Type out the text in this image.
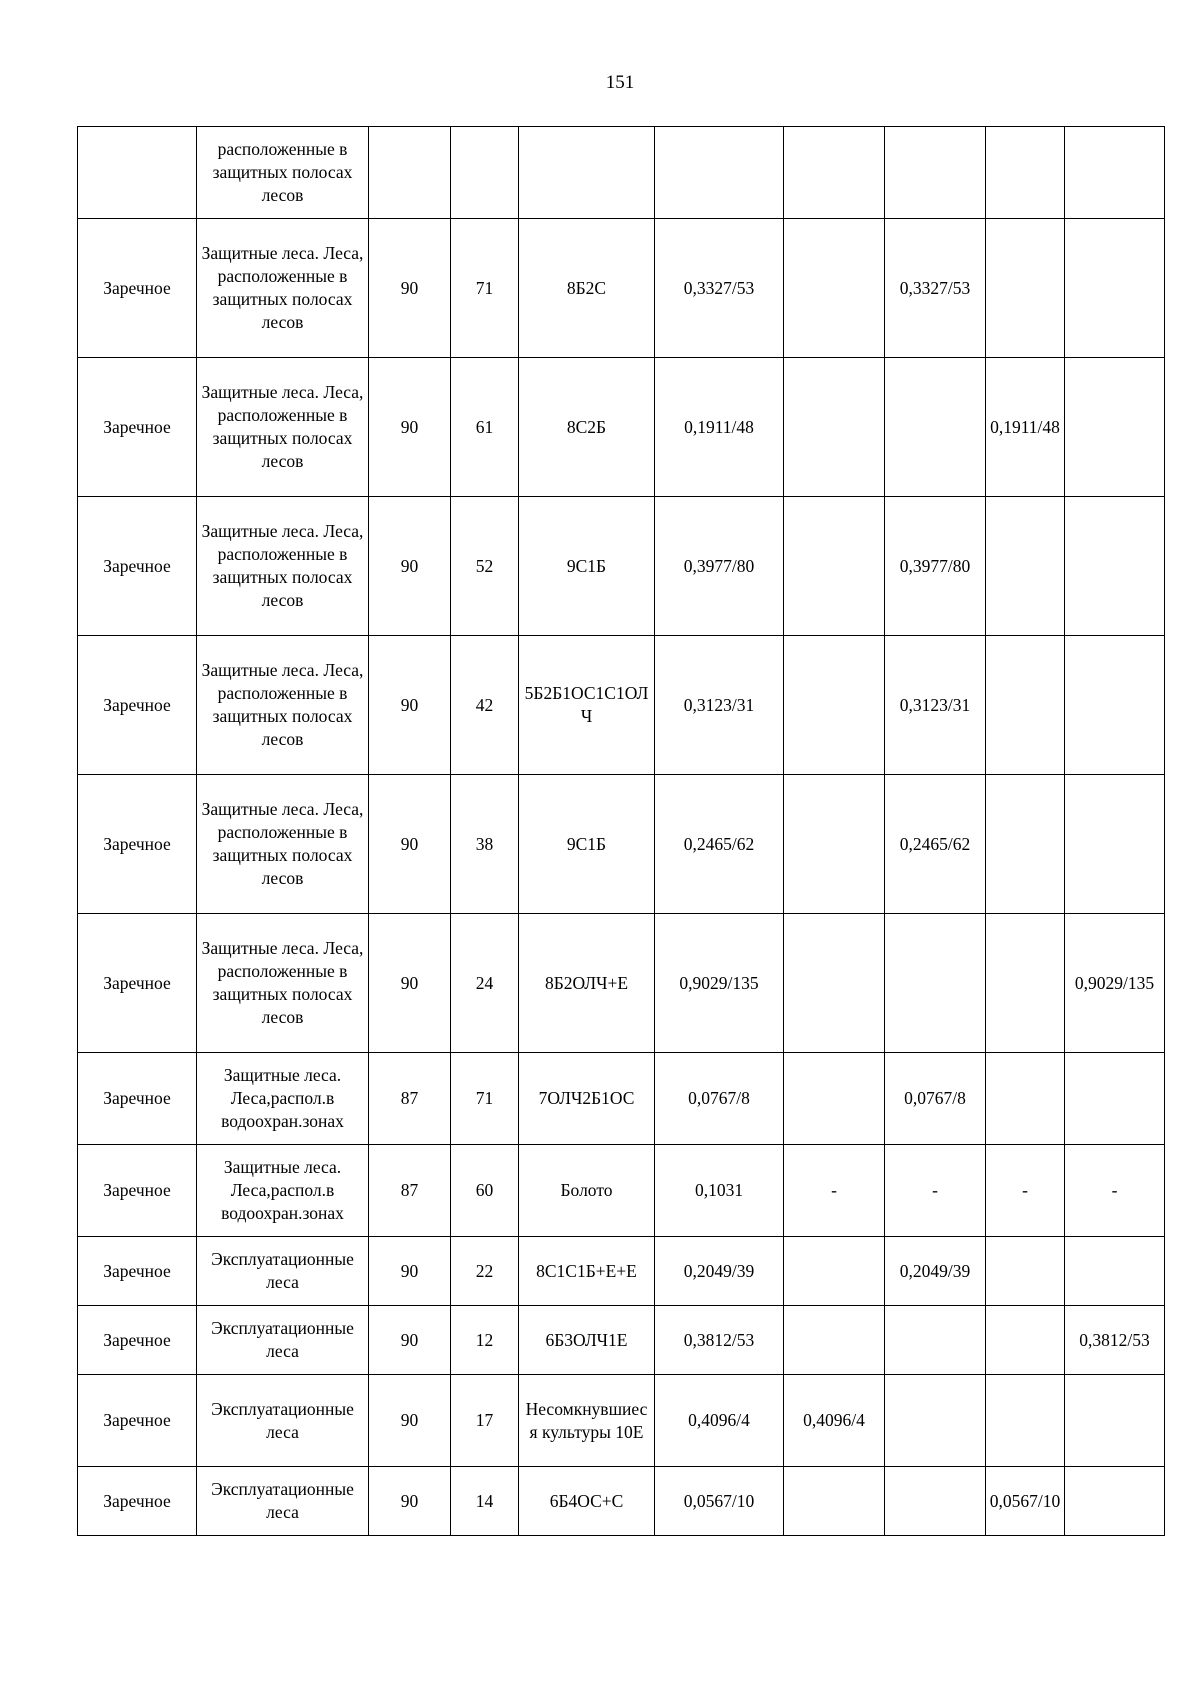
151
	расположенные в защитных полосах лесов								
Заречное	Защитные леса. Леса, расположенные в защитных полосах лесов	90	71	8Б2С	0,3327/53		0,3327/53		
Заречное	Защитные леса. Леса, расположенные в защитных полосах лесов	90	61	8С2Б	0,1911/48			0,1911/48	
Заречное	Защитные леса. Леса, расположенные в защитных полосах лесов	90	52	9С1Б	0,3977/80		0,3977/80		
Заречное	Защитные леса. Леса, расположенные в защитных полосах лесов	90	42	5Б2Б1ОС1С1ОЛЧ	0,3123/31		0,3123/31		
Заречное	Защитные леса. Леса, расположенные в защитных полосах лесов	90	38	9С1Б	0,2465/62		0,2465/62		
Заречное	Защитные леса. Леса, расположенные в защитных полосах лесов	90	24	8Б2ОЛЧ+Е	0,9029/135				0,9029/135
Заречное	Защитные леса. Леса,распол.в водоохран.зонах	87	71	7ОЛЧ2Б1ОС	0,0767/8		0,0767/8		
Заречное	Защитные леса. Леса,распол.в водоохран.зонах	87	60	Болото	0,1031	-	-	-	-
Заречное	Эксплуатационные леса	90	22	8С1С1Б+Е+Е	0,2049/39		0,2049/39		
Заречное	Эксплуатационные леса	90	12	6Б3ОЛЧ1Е	0,3812/53				0,3812/53
Заречное	Эксплуатационные леса	90	17	Несомкнувшиеся культуры 10Е	0,4096/4	0,4096/4			
Заречное	Эксплуатационные леса	90	14	6Б4ОС+С	0,0567/10			0,0567/10	
